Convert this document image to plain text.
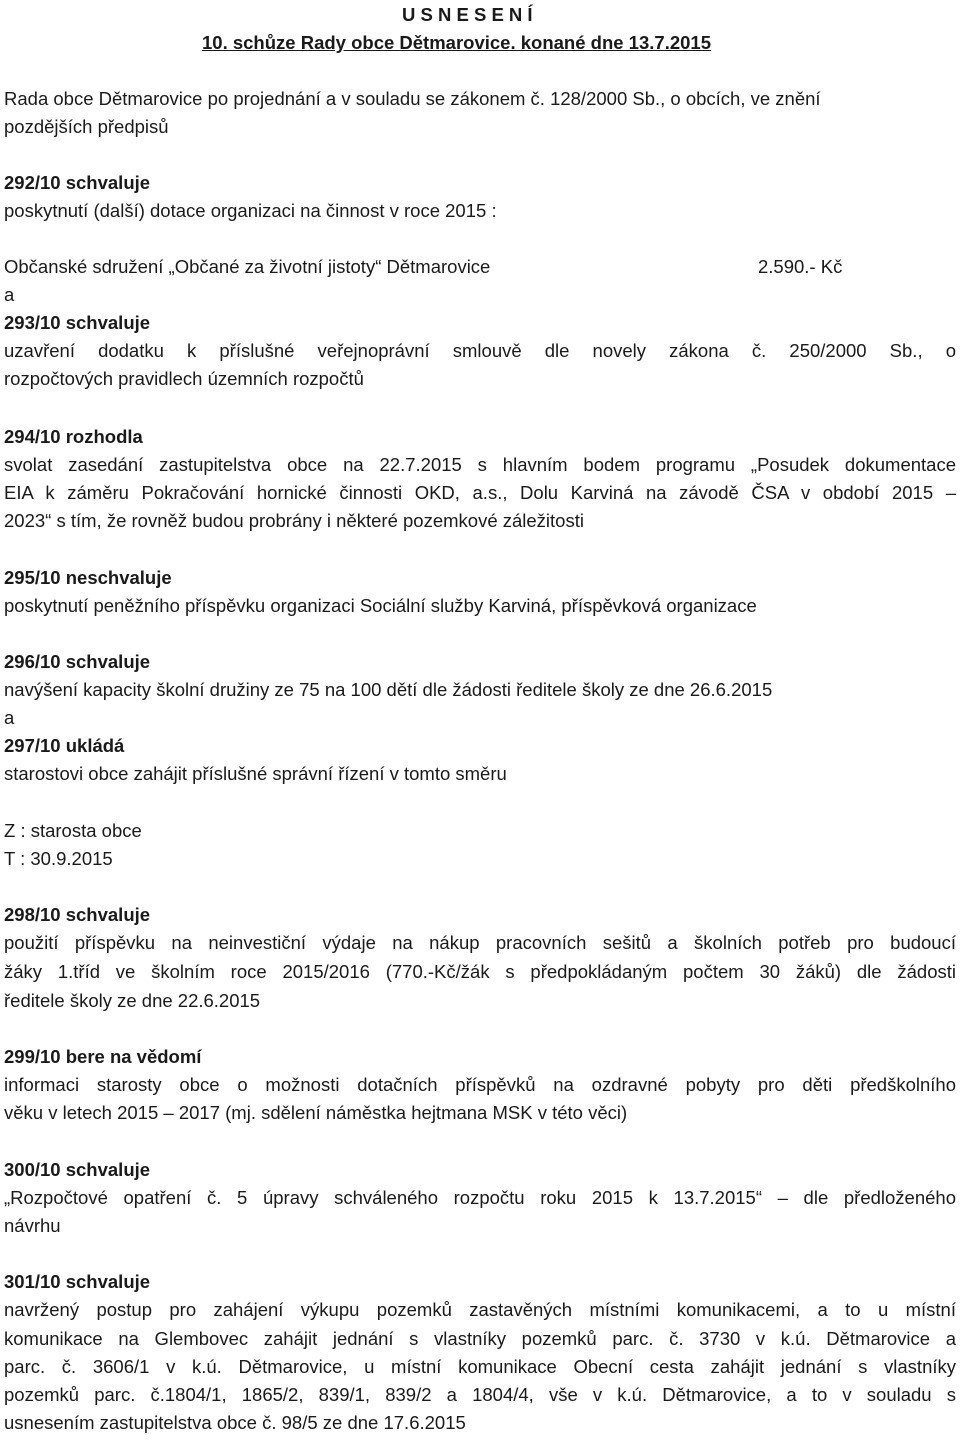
U S N E S E N Í
10. schůze Rady obce Dětmarovice. konané dne 13.7.2015
Rada obce Dětmarovice po projednání a v souladu se zákonem č. 128/2000 Sb., o obcích, ve znění
pozdějších předpisů
292/10 schvaluje
poskytnutí (další) dotace organizaci na činnost v roce 2015 :
Občanské sdružení „Občané za životní jistoty“ Dětmarovice	2.590.- Kč
a
293/10 schvaluje
uzavření dodatku k příslušné veřejnoprávní smlouvě dle novely zákona č. 250/2000 Sb., o
rozpočtových pravidlech územních rozpočtů
294/10 rozhodla
svolat zasedání zastupitelstva obce na 22.7.2015 s hlavním bodem programu „Posudek dokumentace
EIA k záměru Pokračování hornické činnosti OKD, a.s., Dolu Karviná na závodě ČSA v období 2015 –
2023“ s tím, že rovněž budou probrány i některé pozemkové záležitosti
295/10 neschvaluje
poskytnutí peněžního příspěvku organizaci Sociální služby Karviná, příspěvková organizace
296/10 schvaluje
navýšení kapacity školní družiny ze 75 na 100 dětí dle žádosti ředitele školy ze dne 26.6.2015
a
297/10 ukládá
starostovi obce zahájit příslušné správní řízení v tomto směru
Z : starosta obce
T : 30.9.2015
298/10 schvaluje
použití příspěvku na neinvestiční výdaje na nákup pracovních sešitů a školních potřeb pro budoucí
žáky 1.tříd ve školním roce 2015/2016 (770.-Kč/žák s předpokládaným počtem 30 žáků) dle žádosti
ředitele školy ze dne 22.6.2015
299/10 bere na vědomí
informaci starosty obce o možnosti dotačních příspěvků na ozdravné pobyty pro děti předškolního
věku v letech 2015 – 2017 (mj. sdělení náměstka hejtmana MSK v této věci)
300/10 schvaluje
„Rozpočtové opatření č. 5 úpravy schváleného rozpočtu roku 2015 k 13.7.2015“ – dle předloženého
návrhu
301/10 schvaluje
navržený postup pro zahájení výkupu pozemků zastavěných místními komunikacemi, a to u místní
komunikace na Glembovec zahájit jednání s vlastníky pozemků parc. č. 3730 v k.ú. Dětmarovice a
parc. č. 3606/1 v k.ú. Dětmarovice, u místní komunikace Obecní cesta zahájit jednání s vlastníky
pozemků parc. č.1804/1, 1865/2, 839/1, 839/2 a 1804/4, vše v k.ú. Dětmarovice, a to v souladu s
usnesením zastupitelstva obce č. 98/5 ze dne 17.6.2015
